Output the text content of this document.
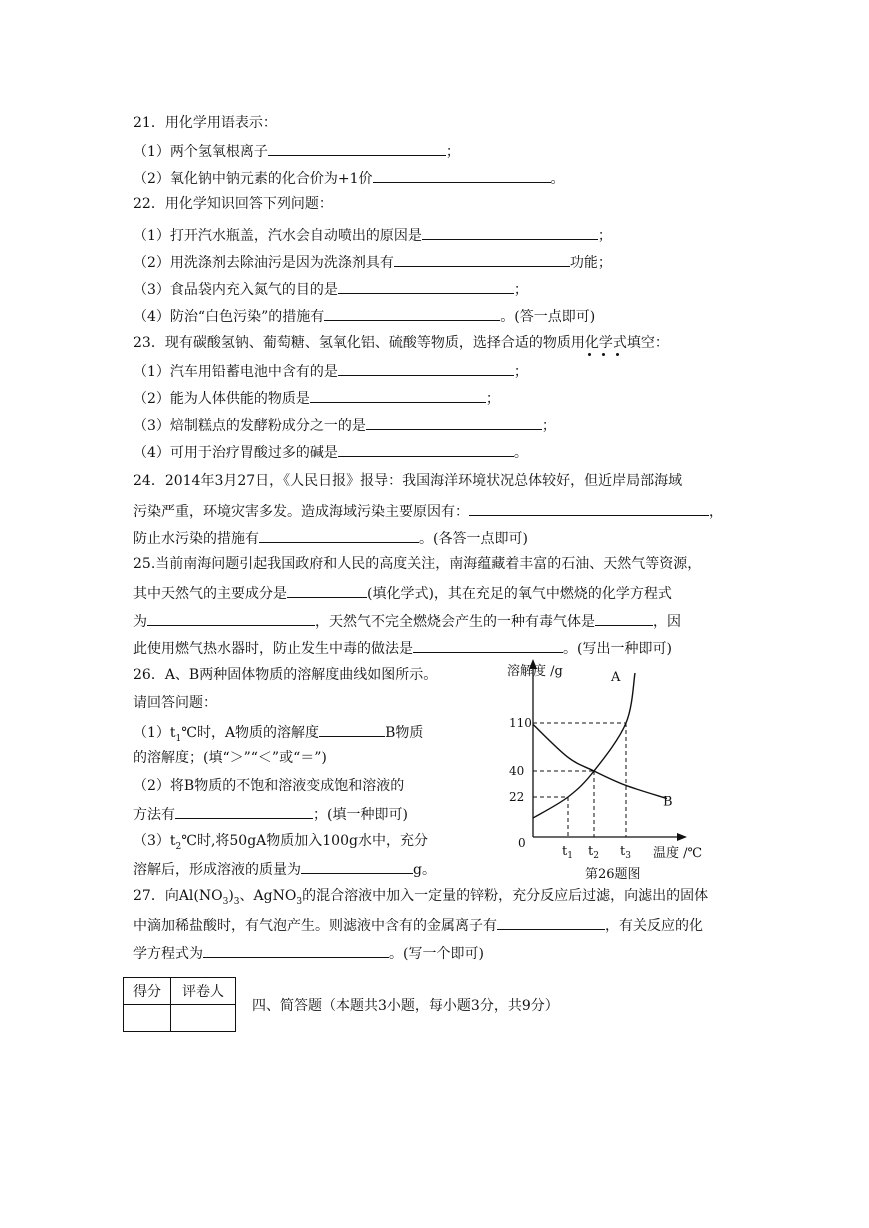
21．用化学用语表示：
（1）两个氢氧根离子	；
（2）氧化钠中钠元素的化合价为+1价	。
22．用化学知识回答下列问题：
（1）打开汽水瓶盖，汽水会自动喷出的原因是	；
（2）用洗涤剂去除油污是因为洗涤剂具有	功能；
（3）食品袋内充入氮气的目的是	；
（4）防治“白色污染”的措施有	。(答一点即可)
23．现有碳酸氢钠、葡萄糖、氢氧化铝、硫酸等物质，选择合适的物质用化学式
填空：
（1）汽车用铅蓄电池中含有的是	；
（2）能为人体供能的物质是	；
（3）焙制糕点的发酵粉成分之一的是	；
（4）可用于治疗胃酸过多的碱是	。
24．2014年3月27日，《人民日报》报导：我国海洋环境状况总体较好，但近岸局部海域
污染严重，环境灾害多发。造成海域污染主要原因有：	，
防止水污染的措施有	。(各答一点即可)
25.当前南海问题引起我国政府和人民的高度关注，南海蕴藏着丰富的石油、天然气等资源，
其中天然气的主要成分是	(填化学式)，其在充足的氧气中燃烧的化学方程式
为	，天然气不完全燃烧会产生的一种有毒气体是	，因
此使用燃气热水器时，防止发生中毒的做法是	。(写出一种即可)
26．A、B两种固体物质的溶解度曲线如图所示。
请回答问题：
$(1)t_1℃$时，A物质的溶解度	B物质
的溶解度；(填“＞”“＜”或“＝”)
（2）将B物质的不饱和溶液变成饱和溶液的
方法有	；(填一种即可)
$(3)t_2℃$时,将50gA物质加入100g水中，充分
溶解后，形成溶液的质量为	g。
溶解度 /g
温度 /℃
0
第26题图
22
40
110
$t_1$ $t_2$ $t_3$
A
B
27．向$Al(NO_3)_3$、AgNO$_3$的混合溶液中加入一定量的锌粉，充分反应后过滤，向滤出的固体
中滴加稀盐酸时，有气泡产生。则滤液中含有的金属离子有	，有关反应的化
学方程式为	。(写一个即可)
得分	评卷人

四、简答题（本题共3小题，每小题3分，共9分）
